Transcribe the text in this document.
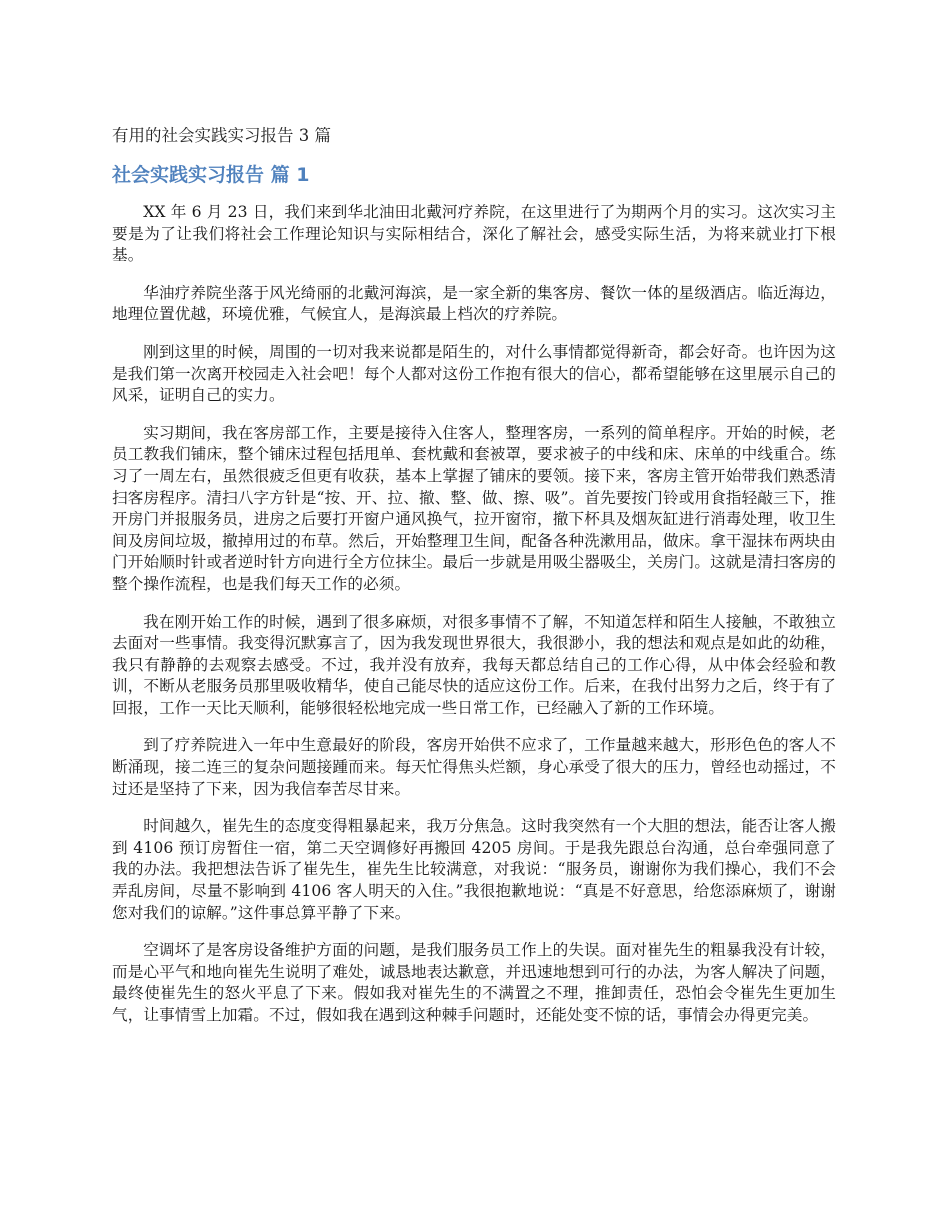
有用的社会实践实习报告 3 篇
社会实践实习报告 篇 1

XX 年 6 月 23 日，我们来到华北油田北戴河疗养院，在这里进行了为期两个月的实习。这次实习主要是为了让我们将社会工作理论知识与实际相结合，深化了解社会，感受实际生活，为将来就业打下根基。

华油疗养院坐落于风光绮丽的北戴河海滨，是一家全新的集客房、餐饮一体的星级酒店。临近海边，地理位置优越，环境优雅，气候宜人，是海滨最上档次的疗养院。

刚到这里的时候，周围的一切对我来说都是陌生的，对什么事情都觉得新奇，都会好奇。也许因为这是我们第一次离开校园走入社会吧！每个人都对这份工作抱有很大的信心，都希望能够在这里展示自己的风采，证明自己的实力。

实习期间，我在客房部工作，主要是接待入住客人，整理客房，一系列的简单程序。开始的时候，老员工教我们铺床，整个铺床过程包括甩单、套枕戴和套被罩，要求被子的中线和床、床单的中线重合。练习了一周左右，虽然很疲乏但更有收获，基本上掌握了铺床的要领。接下来，客房主管开始带我们熟悉清扫客房程序。清扫八字方针是“按、开、拉、撤、整、做、擦、吸”。首先要按门铃或用食指轻敲三下，推开房门并报服务员，进房之后要打开窗户通风换气，拉开窗帘，撤下杯具及烟灰缸进行消毒处理，收卫生间及房间垃圾，撤掉用过的布草。然后，开始整理卫生间，配备各种洗漱用品，做床。拿干湿抹布两块由门开始顺时针或者逆时针方向进行全方位抹尘。最后一步就是用吸尘器吸尘，关房门。这就是清扫客房的整个操作流程，也是我们每天工作的必须。

我在刚开始工作的时候，遇到了很多麻烦，对很多事情不了解，不知道怎样和陌生人接触，不敢独立去面对一些事情。我变得沉默寡言了，因为我发现世界很大，我很渺小，我的想法和观点是如此的幼稚，我只有静静的去观察去感受。不过，我并没有放弃，我每天都总结自己的工作心得，从中体会经验和教训，不断从老服务员那里吸收精华，使自己能尽快的适应这份工作。后来，在我付出努力之后，终于有了回报，工作一天比天顺利，能够很轻松地完成一些日常工作，已经融入了新的工作环境。

到了疗养院进入一年中生意最好的阶段，客房开始供不应求了，工作量越来越大，形形色色的客人不断涌现，接二连三的复杂问题接踵而来。每天忙得焦头烂额，身心承受了很大的压力，曾经也动摇过，不过还是坚持了下来，因为我信奉苦尽甘来。

时间越久，崔先生的态度变得粗暴起来，我万分焦急。这时我突然有一个大胆的想法，能否让客人搬到 4106 预订房暂住一宿，第二天空调修好再搬回 4205 房间。于是我先跟总台沟通，总台牵强同意了我的办法。我把想法告诉了崔先生，崔先生比较满意，对我说：“服务员，谢谢你为我们操心，我们不会弄乱房间，尽量不影响到 4106 客人明天的入住。”我很抱歉地说：“真是不好意思，给您添麻烦了，谢谢您对我们的谅解。”这件事总算平静了下来。

空调坏了是客房设备维护方面的问题，是我们服务员工作上的失误。面对崔先生的粗暴我没有计较，而是心平气和地向崔先生说明了难处，诚恳地表达歉意，并迅速地想到可行的办法，为客人解决了问题，最终使崔先生的怒火平息了下来。假如我对崔先生的不满置之不理，推卸责任，恐怕会令崔先生更加生气，让事情雪上加霜。不过，假如我在遇到这种棘手问题时，还能处变不惊的话，事情会办得更完美。
